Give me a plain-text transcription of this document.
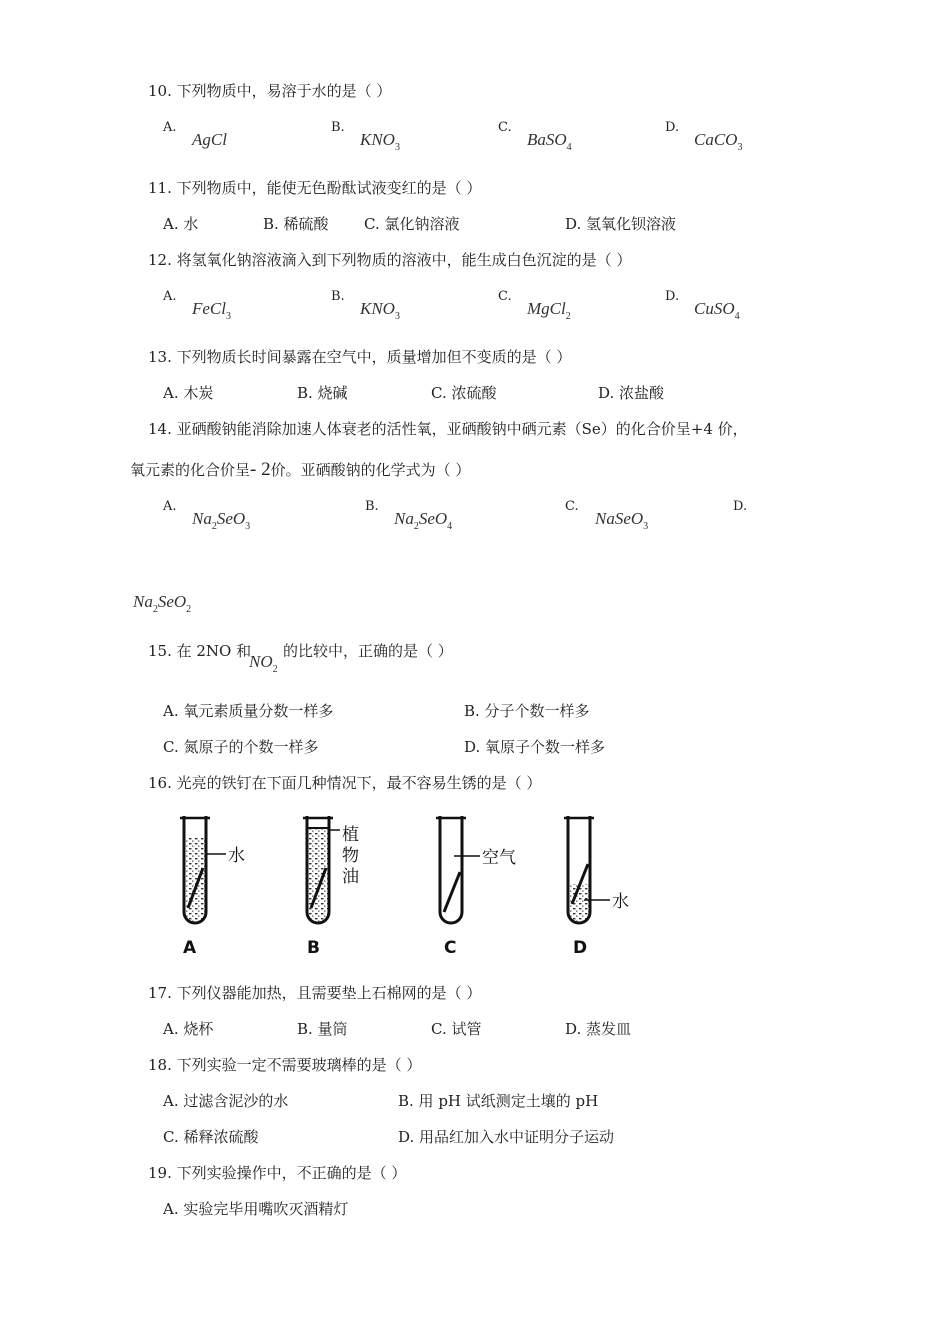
10. 下列物质中，易溶于水的是（ ）
A.
AgCl
B.
$KNO_3$
C.
BaSO$_4$
D.
CaCO$_3$
11. 下列物质中，能使无色酚酞试液变红的是（ ）
A. 水	B. 稀硫酸 C. 氯化钠溶液	D. 氢氧化钡溶液
12. 将氢氧化钠溶液滴入到下列物质的溶液中，能生成白色沉淀的是（ ）
A.
FeCl$_3$
B.
$KNO_3$
C.
MgCl$_2$
D.
CuSO$_4$
13. 下列物质长时间暴露在空气中，质量增加但不变质的是（ ）
A. 木炭	B. 烧碱	C. 浓硫酸	D. 浓盐酸
14. 亚硒酸钠能消除加速人体衰老的活性氧，亚硒酸钠中硒元素（Se）的化合价呈+4 价，
氧元素的化合价呈- 2价。亚硒酸钠的化学式为（ ）
A.
$Na_2SeO_3$
B.
$Na_2SeO_4$
C.
NaSeO$_3$
D.
$Na_2SeO_2$
15. 在 2NO 和
$NO_2$
的比较中，正确的是（ ）
A. 氧元素质量分数一样多	B. 分子个数一样多
C. 氮原子的个数一样多	D. 氧原子个数一样多
16. 光亮的铁钉在下面几种情况下，最不容易生锈的是（ ）
水
A
植
物
油
B
空气
C
水
D
17. 下列仪器能加热，且需要垫上石棉网的是（ ）
A. 烧杯	B. 量筒	C. 试管	D. 蒸发皿
18. 下列实验一定不需要玻璃棒的是（ ）
A. 过滤含泥沙的水	B. 用 pH 试纸测定土壤的 pH
C. 稀释浓硫酸	D. 用品红加入水中证明分子运动
19. 下列实验操作中，不正确的是（ ）
A. 实验完毕用嘴吹灭酒精灯
